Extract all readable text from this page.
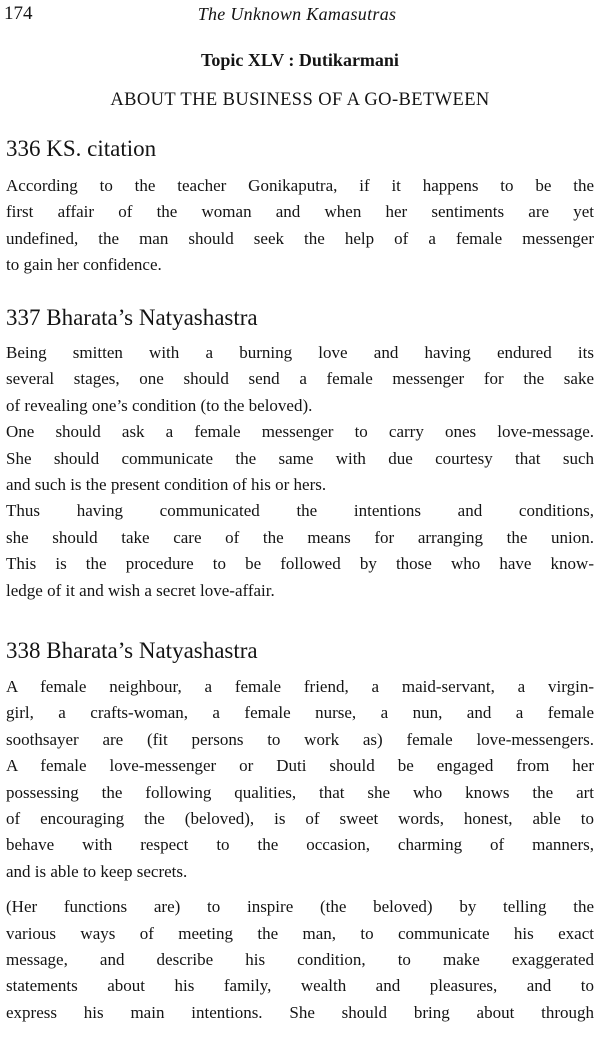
174	The Unknown Kamasutras
Topic XLV : Dutikarmani
ABOUT THE BUSINESS OF A GO-BETWEEN
336 KS. citation
According to the teacher Gonikaputra, if it happens to be the
first affair of the woman and when her sentiments are yet
undefined, the man should seek the help of a female messenger
to gain her confidence.
337 Bharata’s Natyashastra
Being smitten with a burning love and having endured its
several stages, one should send a female messenger for the sake
of revealing one’s condition (to the beloved).
One should ask a female messenger to carry ones love-message.
She should communicate the same with due courtesy that such
and such is the present condition of his or hers.
Thus having communicated the intentions and conditions,
she should take care of the means for arranging the union.
This is the procedure to be followed by those who have know-
ledge of it and wish a secret love-affair.
338 Bharata’s Natyashastra
A female neighbour, a female friend, a maid-servant, a virgin-
girl, a crafts-woman, a female nurse, a nun, and a female
soothsayer are (fit persons to work as) female love-messengers.
A female love-messenger or Duti should be engaged from her
possessing the following qualities, that she who knows the art
of encouraging the (beloved), is of sweet words, honest, able to
behave with respect to the occasion, charming of manners,
and is able to keep secrets.
(Her functions are) to inspire (the beloved) by telling the
various ways of meeting the man, to communicate his exact
message, and describe his condition, to make exaggerated
statements about his family, wealth and pleasures, and to
express his main intentions. She should bring about through
